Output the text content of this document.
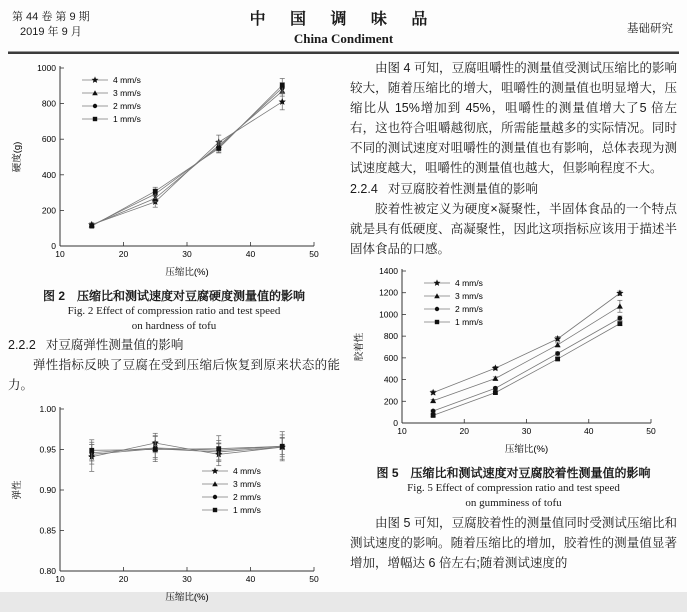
第 44 卷 第 9 期
2019 年 9 月
中 国 调 味 品
China Condiment
基础研究
10	20	30	40	50
0
200
400
600
800
1000
压缩比(%)
硬度(g)
4 mm/s
3 mm/s
2 mm/s
1 mm/s
图 2　压缩比和测试速度对豆腐硬度测量值的影响
Fig. 2 Effect of compression ratio and test speed
on hardness of tofu
2.2.2 对豆腐弹性测量值的影响

弹性指标反映了豆腐在受到压缩后恢复到原来状态的能力。

10	20	30	40	50
0.80
0.85
0.90
0.95
1.00
压缩比(%)
弹性
4 mm/s
3 mm/s
2 mm/s
1 mm/s

由图 4 可知，豆腐咀嚼性的测量值受测试压缩比的影响较大，随着压缩比的增大，咀嚼性的测量值也明显增大，压缩比从 15%增加到 45%，咀嚼性的测量值增大了5 倍左右，这也符合咀嚼越彻底，所需能量越多的实际情况。同时不同的测试速度对咀嚼性的测量值也有影响，总体表现为测试速度越大，咀嚼性的测量值也越大，但影响程度不大。

2.2.4 对豆腐胶着性测量值的影响

胶着性被定义为硬度×凝聚性，半固体食品的一个特点就是具有低硬度、高凝聚性，因此这项指标应该用于描述半固体食品的口感。

10	20	30	40	50
0
200
400
600
800
1000
1200
1400
压缩比(%)
胶着性
4 mm/s
3 mm/s
2 mm/s
1 mm/s
图 5　压缩比和测试速度对豆腐胶着性测量值的影响
Fig. 5 Effect of compression ratio and test speed
on gumminess of tofu

由图 5 可知，豆腐胶着性的测量值同时受测试压缩比和测试速度的影响。随着压缩比的增加，胶着性的测量值显著增加，增幅达 6 倍左右;随着测试速度的
